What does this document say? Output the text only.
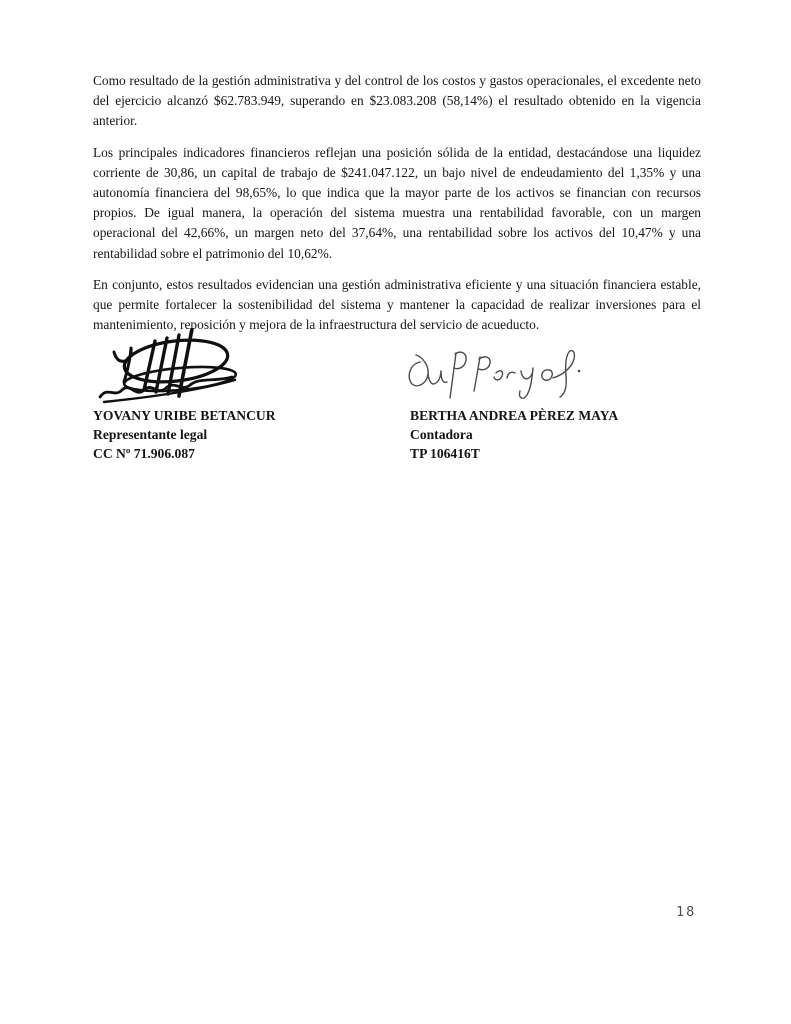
Como resultado de la gestión administrativa y del control de los costos y gastos operacionales, el excedente neto del ejercicio alcanzó $62.783.949, superando en $23.083.208 (58,14%) el resultado obtenido en la vigencia anterior.

Los principales indicadores financieros reflejan una posición sólida de la entidad, destacándose una liquidez corriente de 30,86, un capital de trabajo de $241.047.122, un bajo nivel de endeudamiento del 1,35% y una autonomía financiera del 98,65%, lo que indica que la mayor parte de los activos se financian con recursos propios. De igual manera, la operación del sistema muestra una rentabilidad favorable, con un margen operacional del 42,66%, un margen neto del 37,64%, una rentabilidad sobre los activos del 10,47% y una rentabilidad sobre el patrimonio del 10,62%.

En conjunto, estos resultados evidencian una gestión administrativa eficiente y una situación financiera estable, que permite fortalecer la sostenibilidad del sistema y mantener la capacidad de realizar inversiones para el mantenimiento, reposición y mejora de la infraestructura del servicio de acueducto.

YOVANY URIBE BETANCUR
Representante legal
CC Nº 71.906.087
BERTHA ANDREA PÈREZ MAYA
Contadora
TP 106416T
18
